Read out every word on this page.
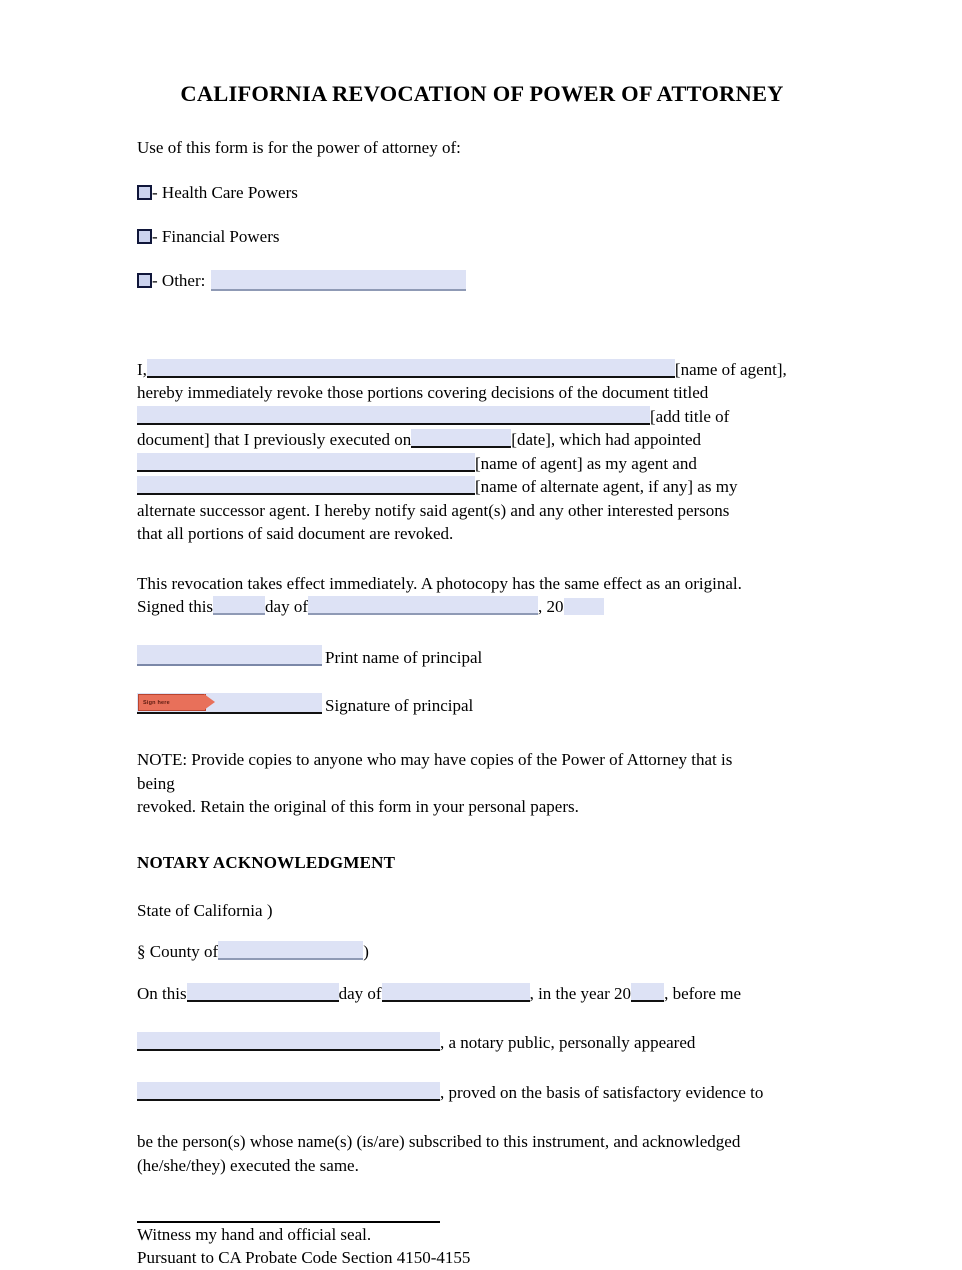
CALIFORNIA REVOCATION OF POWER OF ATTORNEY

Use of this form is for the power of attorney of:

- Health Care Powers
- Financial Powers
- Other:
I,	[name of agent],
hereby immediately revoke those portions covering decisions of the document titled
[add title of
document] that I previously executed on	[date], which had appointed
[name of agent] as my agent and
[name of alternate agent, if any] as my
alternate successor agent. I hereby notify said agent(s) and any other interested persons
that all portions of said document are revoked.
This revocation takes effect immediately. A photocopy has the same effect as an original.
Signed this	day of	, 20
Print name of principal
Sign here	Signature of principal
NOTE: Provide copies to anyone who may have copies of the Power of Attorney that is
being
revoked. Retain the original of this form in your personal papers.
NOTARY ACKNOWLEDGMENT
State of California )
§ County of	)
On this	day of	, in the year 20 , before me
, a notary public, personally appeared
, proved on the basis of satisfactory evidence to
be the person(s) whose name(s) (is/are) subscribed to this instrument, and acknowledged
(he/she/they) executed the same.
Witness my hand and official seal.
Pursuant to CA Probate Code Section 4150-4155
